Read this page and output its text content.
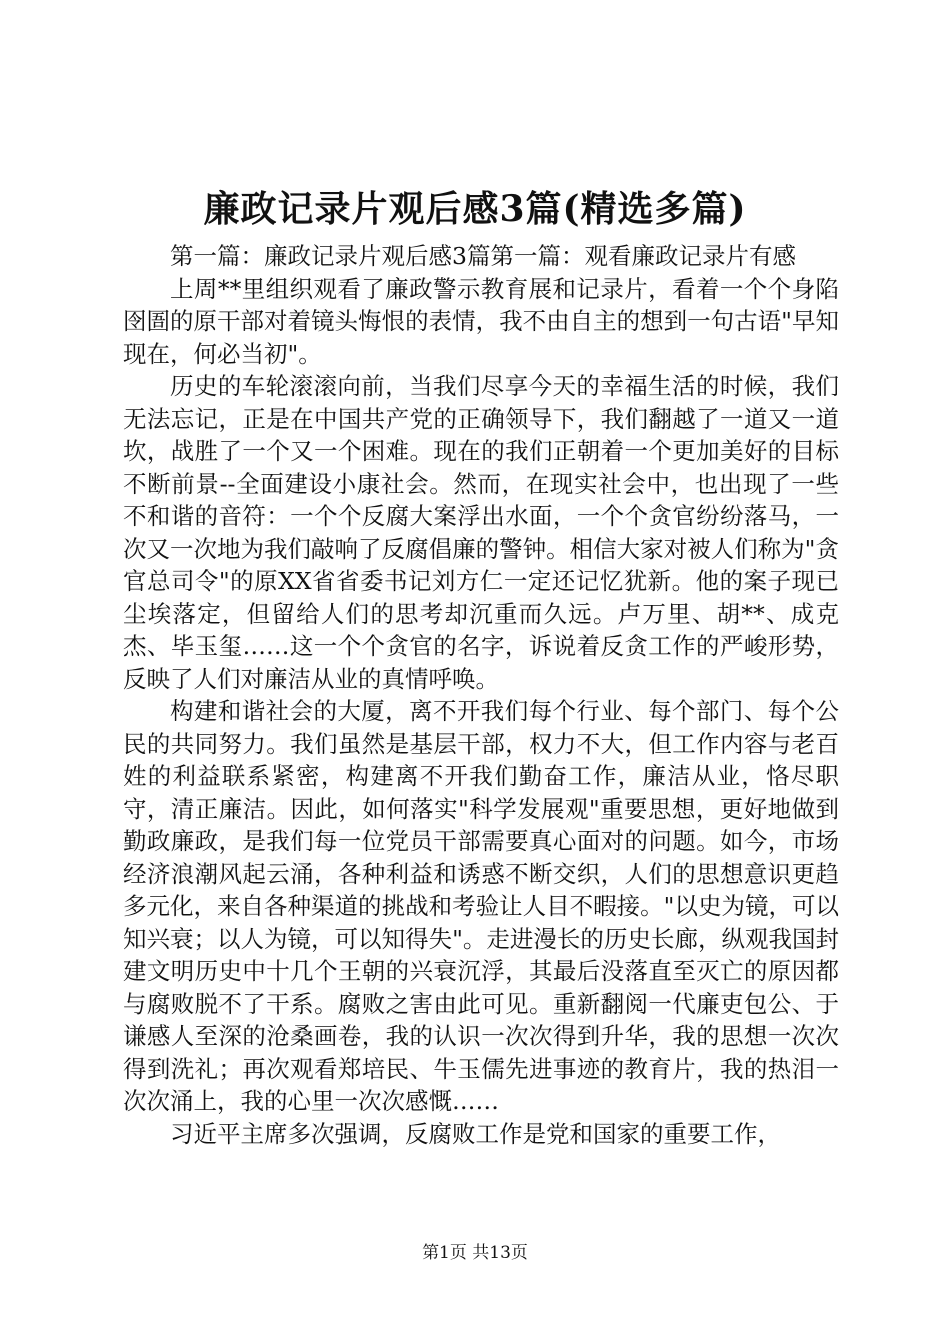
廉政记录片观后感3篇(精选多篇)

第一篇：廉政记录片观后感3篇第一篇：观看廉政记录片有感

上周**里组织观看了廉政警示教育展和记录片，看着一个个身陷囹圄的原干部对着镜头悔恨的表情，我不由自主的想到一句古语"早知现在，何必当初"。

历史的车轮滚滚向前，当我们尽享今天的幸福生活的时候，我们无法忘记，正是在中国共产党的正确领导下，我们翻越了一道又一道坎，战胜了一个又一个困难。现在的我们正朝着一个更加美好的目标不断前景--全面建设小康社会。然而，在现实社会中，也出现了一些不和谐的音符：一个个反腐大案浮出水面，一个个贪官纷纷落马，一次又一次地为我们敲响了反腐倡廉的警钟。相信大家对被人们称为"贪官总司令"的原XX省省委书记刘方仁一定还记忆犹新。他的案子现已尘埃落定，但留给人们的思考却沉重而久远。卢万里、胡**、成克杰、毕玉玺……这一个个贪官的名字，诉说着反贪工作的严峻形势，反映了人们对廉洁从业的真情呼唤。

构建和谐社会的大厦，离不开我们每个行业、每个部门、每个公民的共同努力。我们虽然是基层干部，权力不大，但工作内容与老百姓的利益联系紧密，构建离不开我们勤奋工作，廉洁从业，恪尽职守，清正廉洁。因此，如何落实"科学发展观"重要思想，更好地做到勤政廉政，是我们每一位党员干部需要真心面对的问题。如今，市场经济浪潮风起云涌，各种利益和诱惑不断交织，人们的思想意识更趋多元化，来自各种渠道的挑战和考验让人目不暇接。"以史为镜，可以知兴衰；以人为镜，可以知得失"。走进漫长的历史长廊，纵观我国封建文明历史中十几个王朝的兴衰沉浮，其最后没落直至灭亡的原因都与腐败脱不了干系。腐败之害由此可见。重新翻阅一代廉吏包公、于谦感人至深的沧桑画卷，我的认识一次次得到升华，我的思想一次次得到洗礼；再次观看郑培民、牛玉儒先进事迹的教育片，我的热泪一次次涌上，我的心里一次次感慨……

习近平主席多次强调，反腐败工作是党和国家的重要工作，

第1页 共13页
